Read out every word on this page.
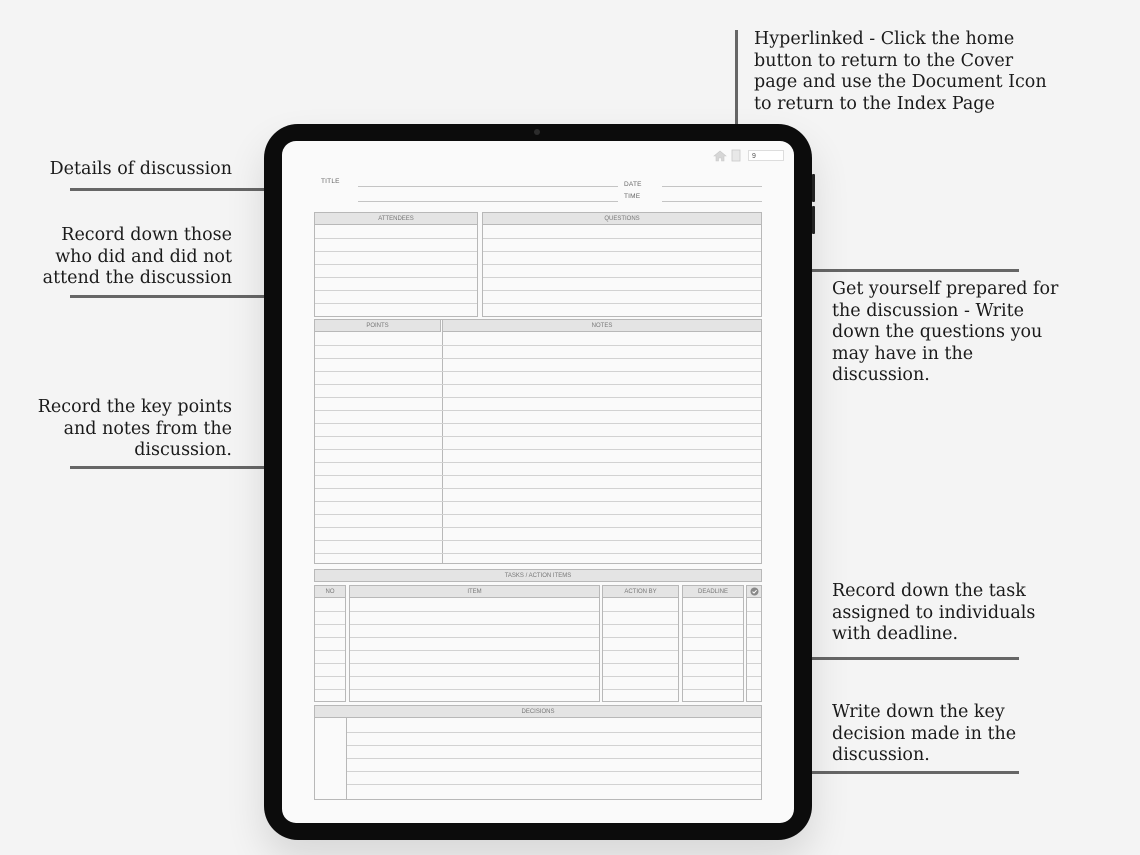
Hyperlinked - Click the home
button to return to the Cover
page and use the Document Icon
to return to the Index Page
Details of discussion
Record down those
who did and did not
attend the discussion
Record the key points
and notes from the
discussion.
Get yourself prepared for
the discussion - Write
down the questions you
may have in the
discussion.
Record down the task
assigned to individuals
with deadline.
Write down the key
decision made in the
discussion.
9
TITLE	DATE
TIME
ATTENDEES	QUESTIONS
POINTS	NOTES
TASKS / ACTION ITEMS
NO	ITEM	ACTION BY	DEADLINE
DECISIONS
